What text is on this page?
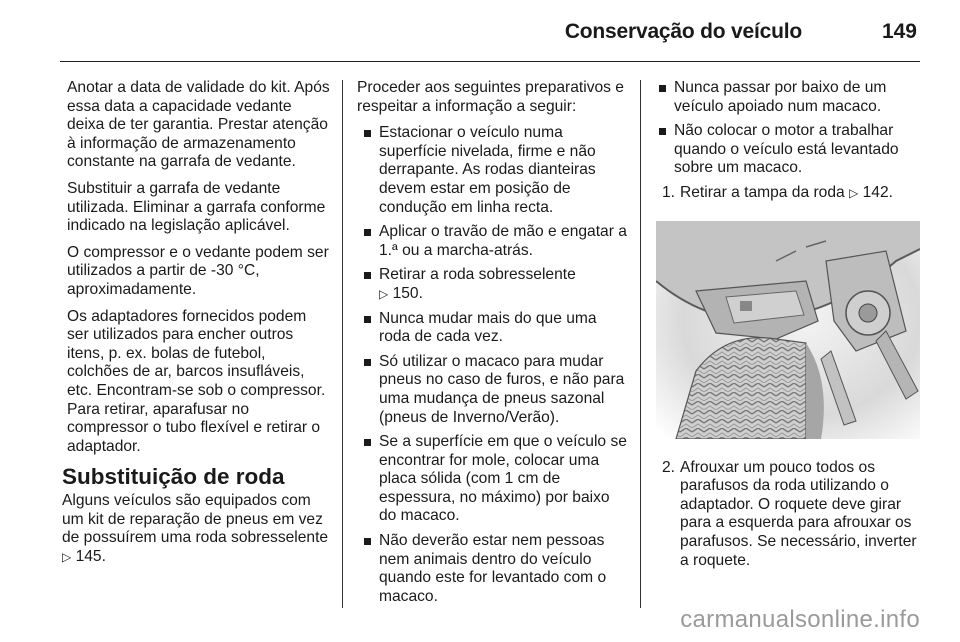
Conservação do veículo	149

Anotar a data de validade do kit. Após essa data a capacidade vedante deixa de ter garantia. Prestar atenção à informação de armazenamento constante na garrafa de vedante.

Substituir a garrafa de vedante utilizada. Eliminar a garrafa conforme indicado na legislação aplicável.

O compressor e o vedante podem ser utilizados a partir de -30 °C, aproximadamente.

Os adaptadores fornecidos podem ser utilizados para encher outros itens, p. ex. bolas de futebol, colchões de ar, barcos insufláveis, etc. Encontram-se sob o compressor. Para retirar, aparafusar no compressor o tubo flexível e retirar o adaptador.

Substituição de roda

Alguns veículos são equipados com um kit de reparação de pneus em vez de possuírem uma roda sobresselente ▷ 145.

Proceder aos seguintes preparativos e respeitar a informação a seguir:

Estacionar o veículo numa superfície nivelada, firme e não derrapante. As rodas dianteiras devem estar em posição de condução em linha recta.
Aplicar o travão de mão e engatar a 1.ª ou a marcha-atrás.
Retirar a roda sobresselente
▷ 150.
Nunca mudar mais do que uma roda de cada vez.
Só utilizar o macaco para mudar pneus no caso de furos, e não para uma mudança de pneus sazonal (pneus de Inverno/Verão).
Se a superfície em que o veículo se encontrar for mole, colocar uma placa sólida (com 1 cm de espessura, no máximo) por baixo do macaco.
Não deverão estar nem pessoas nem animais dentro do veículo quando este for levantado com o macaco.
Nunca passar por baixo de um veículo apoiado num macaco.
Não colocar o motor a trabalhar quando o veículo está levantado sobre um macaco.
1. Retirar a tampa da roda ▷ 142.
2. Afrouxar um pouco todos os parafusos da roda utilizando o adaptador. O roquete deve girar para a esquerda para afrouxar os parafusos. Se necessário, inverter a roquete.
carmanualsonline.info
